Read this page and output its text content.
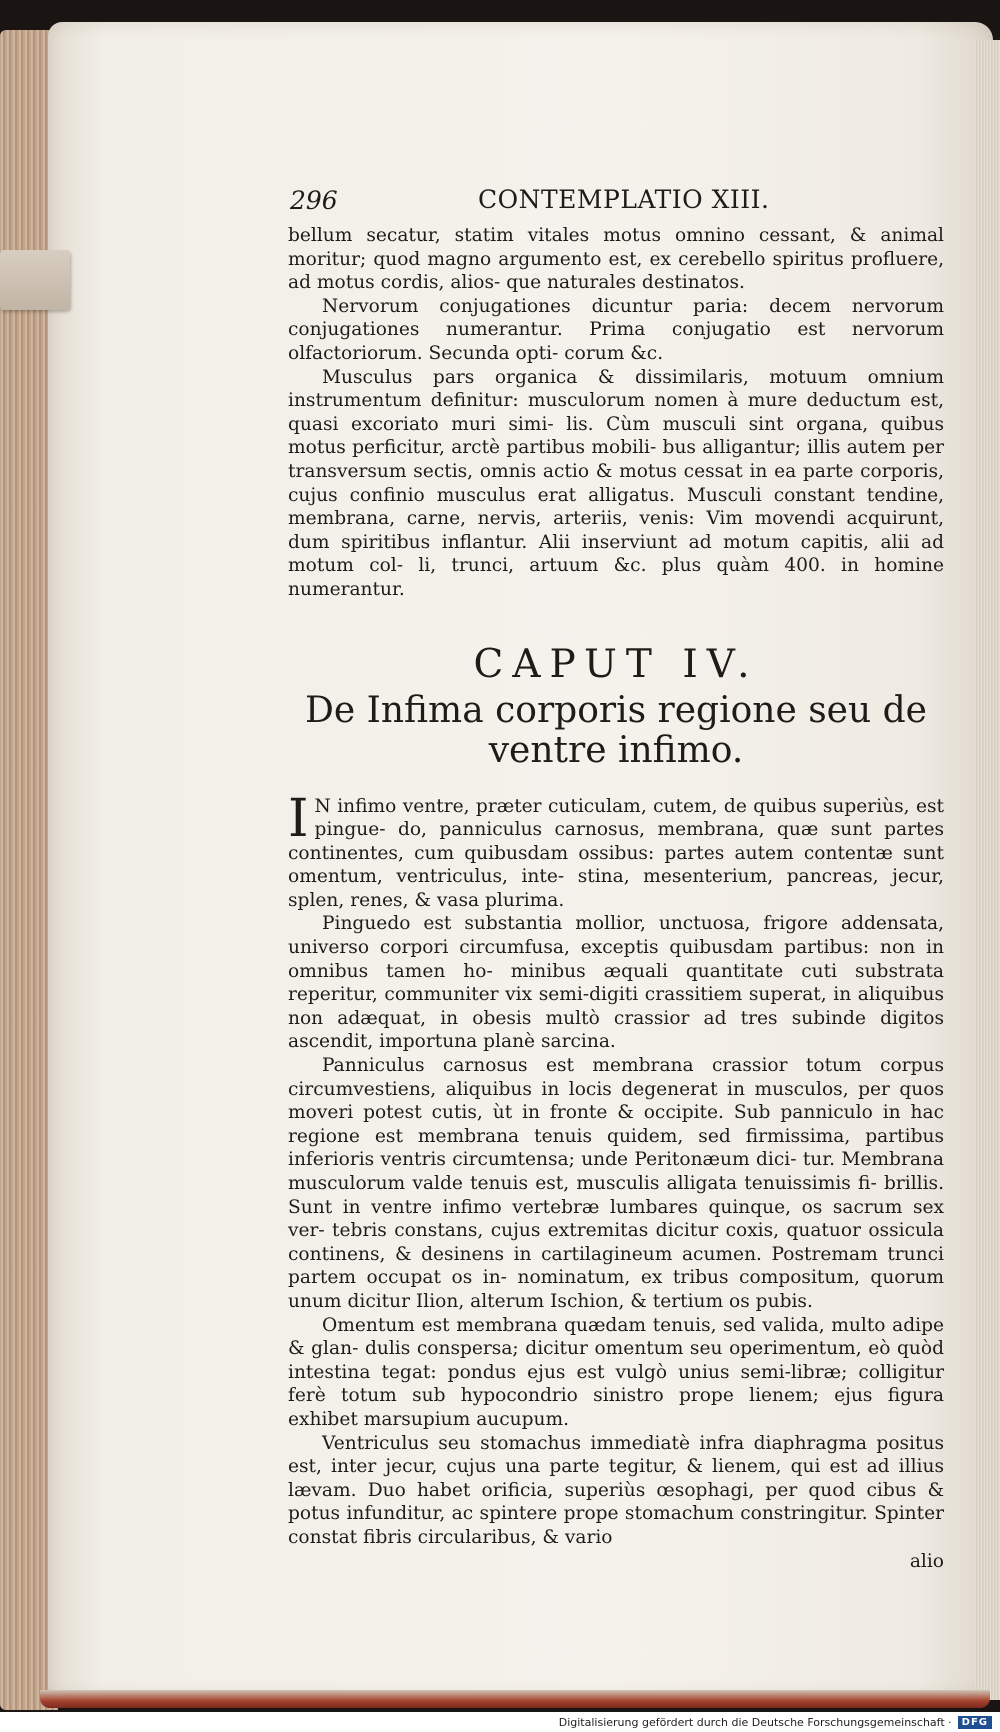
296	CONTEMPLATIO XIII.

bellum secatur, statim vitales motus omnino cessant, & animal moritur; quod magno argumento est, ex cerebello spiritus profluere, ad motus cordis, alios- que naturales destinatos.

Nervorum conjugationes dicuntur paria: decem nervorum conjugationes numerantur. Prima conjugatio est nervorum olfactoriorum. Secunda opti- corum &c.

Musculus pars organica & dissimilaris, motuum omnium instrumentum definitur: musculorum nomen à mure deductum est, quasi excoriato muri simi- lis. Cùm musculi sint organa, quibus motus perficitur, arctè partibus mobili- bus alligantur; illis autem per transversum sectis, omnis actio & motus cessat in ea parte corporis, cujus confinio musculus erat alligatus. Musculi constant tendine, membrana, carne, nervis, arteriis, venis: Vim movendi acquirunt, dum spiritibus inflantur. Alii inserviunt ad motum capitis, alii ad motum col- li, trunci, artuum &c. plus quàm 400. in homine numerantur.

CAPUT IV.
De Infima corporis regione seu de ventre infimo.

I N infimo ventre, præter cuticulam, cutem, de quibus superiùs, est pingue- do, panniculus carnosus, membrana, quæ sunt partes continentes, cum quibusdam ossibus: partes autem contentæ sunt omentum, ventriculus, inte- stina, mesenterium, pancreas, jecur, splen, renes, & vasa plurima.

Pinguedo est substantia mollior, unctuosa, frigore addensata, universo corpori circumfusa, exceptis quibusdam partibus: non in omnibus tamen ho- minibus æquali quantitate cuti substrata reperitur, communiter vix semi-digiti crassitiem superat, in aliquibus non adæquat, in obesis multò crassior ad tres subinde digitos ascendit, importuna planè sarcina.

Panniculus carnosus est membrana crassior totum corpus circumvestiens, aliquibus in locis degenerat in musculos, per quos moveri potest cutis, ùt in fronte & occipite. Sub panniculo in hac regione est membrana tenuis quidem, sed firmissima, partibus inferioris ventris circumtensa; unde Peritonæum dici- tur. Membrana musculorum valde tenuis est, musculis alligata tenuissimis fi- brillis. Sunt in ventre infimo vertebræ lumbares quinque, os sacrum sex ver- tebris constans, cujus extremitas dicitur coxis, quatuor ossicula continens, & desinens in cartilagineum acumen. Postremam trunci partem occupat os in- nominatum, ex tribus compositum, quorum unum dicitur Ilion, alterum Ischion, & tertium os pubis.

Omentum est membrana quædam tenuis, sed valida, multo adipe & glan- dulis conspersa; dicitur omentum seu operimentum, eò quòd intestina tegat: pondus ejus est vulgò unius semi-libræ; colligitur ferè totum sub hypocondrio sinistro prope lienem; ejus figura exhibet marsupium aucupum.

Ventriculus seu stomachus immediatè infra diaphragma positus est, inter jecur, cujus una parte tegitur, & lienem, qui est ad illius lævam. Duo habet orificia, superiùs œsophagi, per quod cibus & potus infunditur, ac spintere prope stomachum constringitur. Spinter constat fibris circularibus, & vario

alio

Digitalisierung gefördert durch die Deutsche Forschungsgemeinschaft ·	DFG
